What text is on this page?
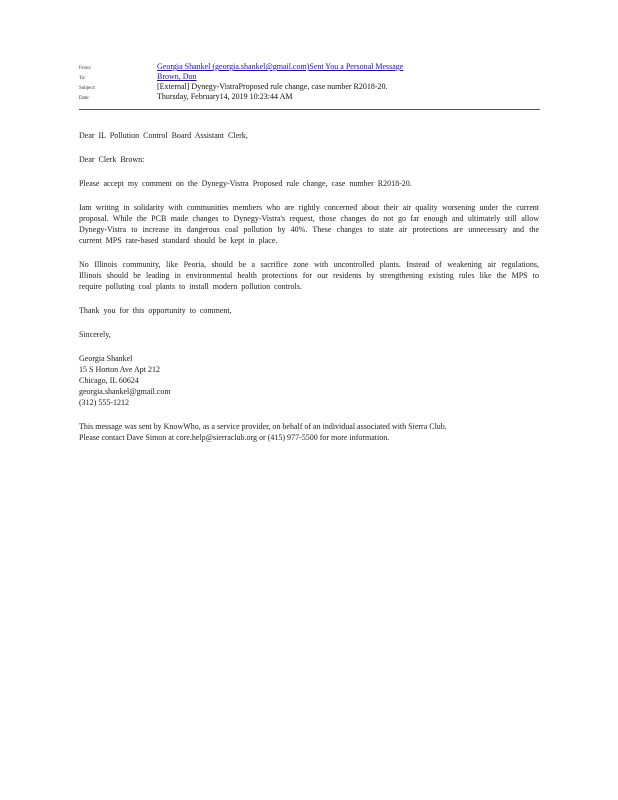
From:	Georgia Shankel (georgia.shankel@gmail.com)Sent You a Personal Message
To:	Brown, Don
Subject:	[External] Dynegy-VistraProposed rule change, case number R2018-20.
Date:	Thursday, February14, 2019 10:23:44 AM

Dear IL Pollution Control Board Assistant Clerk,

Dear Clerk Brown:

Please accept my comment on the Dynegy-Vistra Proposed rule change, case number R2018-20.

Iam writing in solidarity with communities members who are rightly concerned about their air quality worsening under the current proposal. While the PCB made changes to Dynegy-Vistra's request, those changes do not go far enough and ultimately still allow Dynegy-Vistra to increase its dangerous coal pollution by 40%. These changes to state air protections are unnecessary and the current MPS rate-based standard should be kept in place.

No Illinois community, like Peoria, should be a sacrifice zone with uncontrolled plants. Instead of weakening air regulations, Illinois should be leading in environmental health protections for our residents by strengthening existing rules like the MPS to require polluting coal plants to install modern pollution controls.

Thank you for this opportunity to comment,

Sincerely,

Georgia Shankel
15 S Horton Ave Apt 212
Chicago, IL 60624
georgia.shankel@gmail.com
(312) 555-1212
This message was sent by KnowWho, as a service provider, on behalf of an individual associated with Sierra Club.
Please contact Dave Simon at core.help@sierraclub.org or (415) 977-5500 for more information.
